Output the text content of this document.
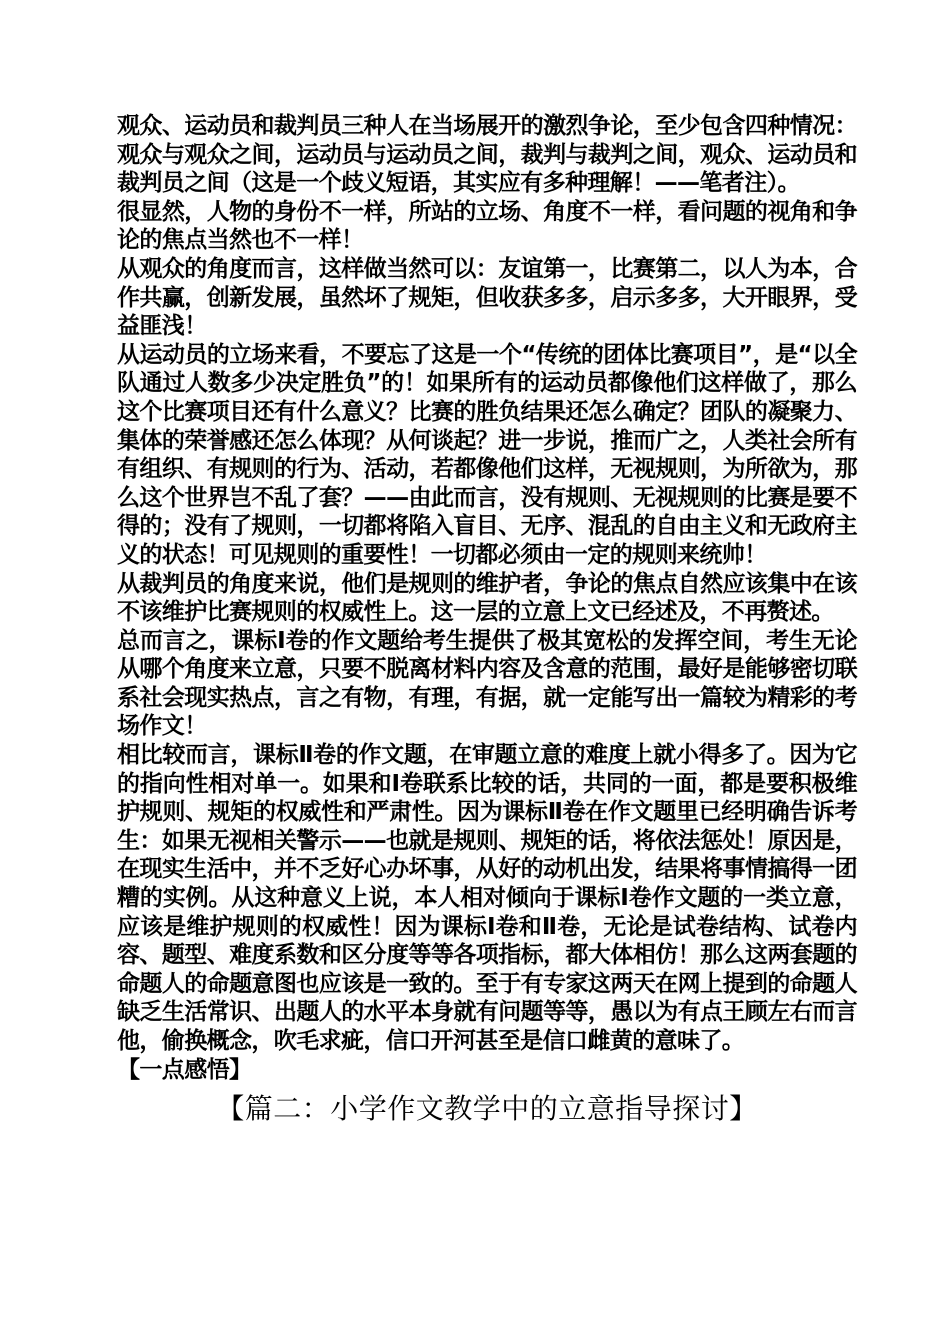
观众、运动员和裁判员三种人在当场展开的激烈争论，至少包含四种情况：观众与观众之间，运动员与运动员之间，裁判与裁判之间，观众、运动员和裁判员之间（这是一个歧义短语，其实应有多种理解！——笔者注）。

很显然，人物的身份不一样，所站的立场、角度不一样，看问题的视角和争论的焦点当然也不一样！

从观众的角度而言，这样做当然可以：友谊第一，比赛第二，以人为本，合作共赢，创新发展，虽然坏了规矩，但收获多多，启示多多，大开眼界，受益匪浅！

从运动员的立场来看，不要忘了这是一个“传统的团体比赛项目”，是“以全队通过人数多少决定胜负”的！如果所有的运动员都像他们这样做了，那么这个比赛项目还有什么意义？比赛的胜负结果还怎么确定？团队的凝聚力、集体的荣誉感还怎么体现？从何谈起？进一步说，推而广之，人类社会所有有组织、有规则的行为、活动，若都像他们这样，无视规则，为所欲为，那么这个世界岂不乱了套？——由此而言，没有规则、无视规则的比赛是要不得的；没有了规则，一切都将陷入盲目、无序、混乱的自由主义和无政府主义的状态！可见规则的重要性！一切都必须由一定的规则来统帅！

从裁判员的角度来说，他们是规则的维护者，争论的焦点自然应该集中在该不该维护比赛规则的权威性上。这一层的立意上文已经述及，不再赘述。

总而言之，课标Ⅰ卷的作文题给考生提供了极其宽松的发挥空间，考生无论从哪个角度来立意，只要不脱离材料内容及含意的范围，最好是能够密切联系社会现实热点，言之有物，有理，有据，就一定能写出一篇较为精彩的考场作文！

相比较而言，课标Ⅱ卷的作文题，在审题立意的难度上就小得多了。因为它的指向性相对单一。如果和Ⅰ卷联系比较的话，共同的一面，都是要积极维护规则、规矩的权威性和严肃性。因为课标Ⅱ卷在作文题里已经明确告诉考生：如果无视相关警示——也就是规则、规矩的话，将依法惩处！原因是，在现实生活中，并不乏好心办坏事，从好的动机出发，结果将事情搞得一团糟的实例。从这种意义上说，本人相对倾向于课标Ⅰ卷作文题的一类立意，应该是维护规则的权威性！因为课标Ⅰ卷和Ⅱ卷，无论是试卷结构、试卷内容、题型、难度系数和区分度等等各项指标，都大体相仿！那么这两套题的命题人的命题意图也应该是一致的。至于有专家这两天在网上提到的命题人缺乏生活常识、出题人的水平本身就有问题等等，愚以为有点王顾左右而言他，偷换概念，吹毛求疵，信口开河甚至是信口雌黄的意味了。

【一点感悟】

【篇二：小学作文教学中的立意指导探讨】
